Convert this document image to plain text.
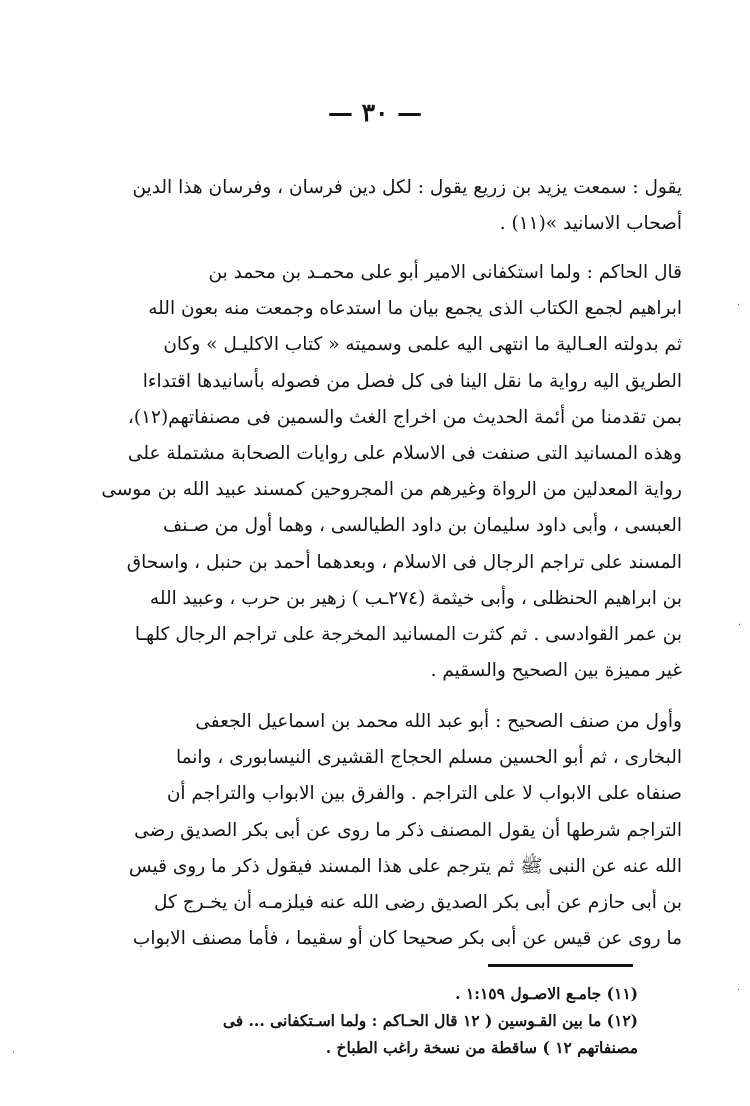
— ٣٠ —

يقول : سمعت يزيد بن زريع يقول : لكل دين فرسان ، وفرسان هذا الدين

أصحاب الاسانيد »(١١) .

قال الحاكم : ولما استكفانى الامير أبو على محمـد بن محمد بن

ابراهيم لجمع الكتاب الذى يجمع بيان ما استدعاه وجمعت منه بعون الله

ثم بدولته العـالية ما انتهى اليه علمى وسميته « كتاب الاكليـل » وكان

الطريق اليه رواية ما نقل الينا فى كل فصل من فصوله بأسانيدها اقتداءا

بمن تقدمنا من أئمة الحديث من اخراج الغث والسمين فى مصنفاتهم(١٢)،

وهذه المسانيد التى صنفت فى الاسلام على روايات الصحابة مشتملة على

رواية المعدلين من الرواة وغيرهم من المجروحين كمسند عبيد الله بن موسى

العبسى ، وأبى داود سليمان بن داود الطيالسى ، وهما أول من صـنف

المسند على تراجم الرجال فى الاسلام ، وبعدهما أحمد بن حنبل ، واسحاق

بن ابراهيم الحنظلى ، وأبى خيثمة (٢٧٤ـب ) زهير بن حرب ، وعبيد الله

بن عمر القوادسى . ثم كثرت المسانيد المخرجة على تراجم الرجال كلهـا

غير مميزة بين الصحيح والسقيم .

وأول من صنف الصحيح : أبو عبد الله محمد بن اسماعيل الجعفى

البخارى ، ثم أبو الحسين مسلم الحجاج القشيرى النيسابورى ، وانما

صنفاه على الابواب لا على التراجم . والفرق بين الابواب والتراجم أن

التراجم شرطها أن يقول المصنف ذكر ما روى عن أبى بكر الصديق رضى

الله عنه عن النبى ﷺ ثم يترجم على هذا المسند فيقول ذكر ما روى قيس

بن أبى حازم عن أبى بكر الصديق رضى الله عنه فيلزمـه أن يخـرج كل

ما روى عن قيس عن أبى بكر صحيحا كان أو سقيما ، فأما مصنف الابواب

(١١) جامـع الاصـول ١:١٥٩ .

(١٢) ما بين القـوسين ( ١٢ قال الحـاكم : ولما اسـتكفانى ... فى

مصنفاتهم ١٢ ) ساقطة من نسخة راغب الطباخ .

·
·
·
·
